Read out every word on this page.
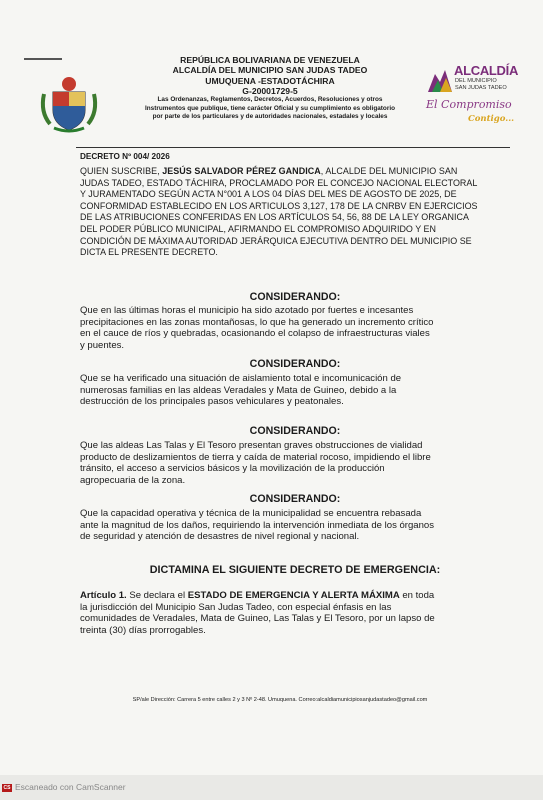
REPÚBLICA BOLIVARIANA DE VENEZUELA
ALCALDÍA DEL MUNICIPIO SAN JUDAS TADEO
UMUQUENA -ESTADOTÁCHIRA
G-20001729-5
Las Ordenanzas, Reglamentos, Decretos, Acuerdos, Resoluciones y otros
Instrumentos que publique, tiene carácter Oficial y su cumplimiento es obligatorio
por parte de los particulares y de autoridades nacionales, estadales y locales
ALCALDÍA
DEL MUNICIPIO
SAN JUDAS TADEO
El Compromiso
Contigo...
DECRETO Nº 004/ 2026
QUIEN SUSCRIBE, JESÚS SALVADOR PÉREZ GANDICA, ALCALDE DEL MUNICIPIO SAN
JUDAS TADEO, ESTADO TÁCHIRA, PROCLAMADO POR EL CONCEJO NACIONAL ELECTORAL
Y JURAMENTADO SEGÚN ACTA N°001 A LOS 04 DÍAS DEL MES DE AGOSTO DE 2025, DE
CONFORMIDAD ESTABLECIDO EN LOS ARTICULOS 3,127, 178 DE LA CNRBV EN EJERCICIOS
DE LAS ATRIBUCIONES CONFERIDAS EN LOS ARTÍCULOS 54, 56, 88 DE LA LEY ORGANICA
DEL PODER PÚBLICO MUNICIPAL, AFIRMANDO EL COMPROMISO ADQUIRIDO Y EN
CONDICIÓN DE MÁXIMA AUTORIDAD JERÁRQUICA EJECUTIVA DENTRO DEL MUNICIPIO SE
DICTA EL PRESENTE DECRETO.
CONSIDERANDO:
Que en las últimas horas el municipio ha sido azotado por fuertes e incesantes
precipitaciones en las zonas montañosas, lo que ha generado un incremento crítico
en el cauce de ríos y quebradas, ocasionando el colapso de infraestructuras viales
y puentes.
CONSIDERANDO:
Que se ha verificado una situación de aislamiento total e incomunicación de
numerosas familias en las aldeas Veradales y Mata de Guineo, debido a la
destrucción de los principales pasos vehiculares y peatonales.
CONSIDERANDO:
Que las aldeas Las Talas y El Tesoro presentan graves obstrucciones de vialidad
producto de deslizamientos de tierra y caída de material rocoso, impidiendo el libre
tránsito, el acceso a servicios básicos y la movilización de la producción
agropecuaria de la zona.
CONSIDERANDO:
Que la capacidad operativa y técnica de la municipalidad se encuentra rebasada
ante la magnitud de los daños, requiriendo la intervención inmediata de los órganos
de seguridad y atención de desastres de nivel regional y nacional.
DICTAMINA EL SIGUIENTE DECRETO DE EMERGENCIA:
Artículo 1. Se declara el ESTADO DE EMERGENCIA Y ALERTA MÁXIMA en toda
la jurisdicción del Municipio San Judas Tadeo, con especial énfasis en las
comunidades de Veradales, Mata de Guineo, Las Talas y El Tesoro, por un lapso de
treinta (30) días prorrogables.
SP/ale Dirección: Carrera 5 entre calles 2 y 3 Nº 2-48. Umuquena. Correo:alcaldiamunicipiosanjudastadeo@gmail.com
CS Escaneado con CamScanner
